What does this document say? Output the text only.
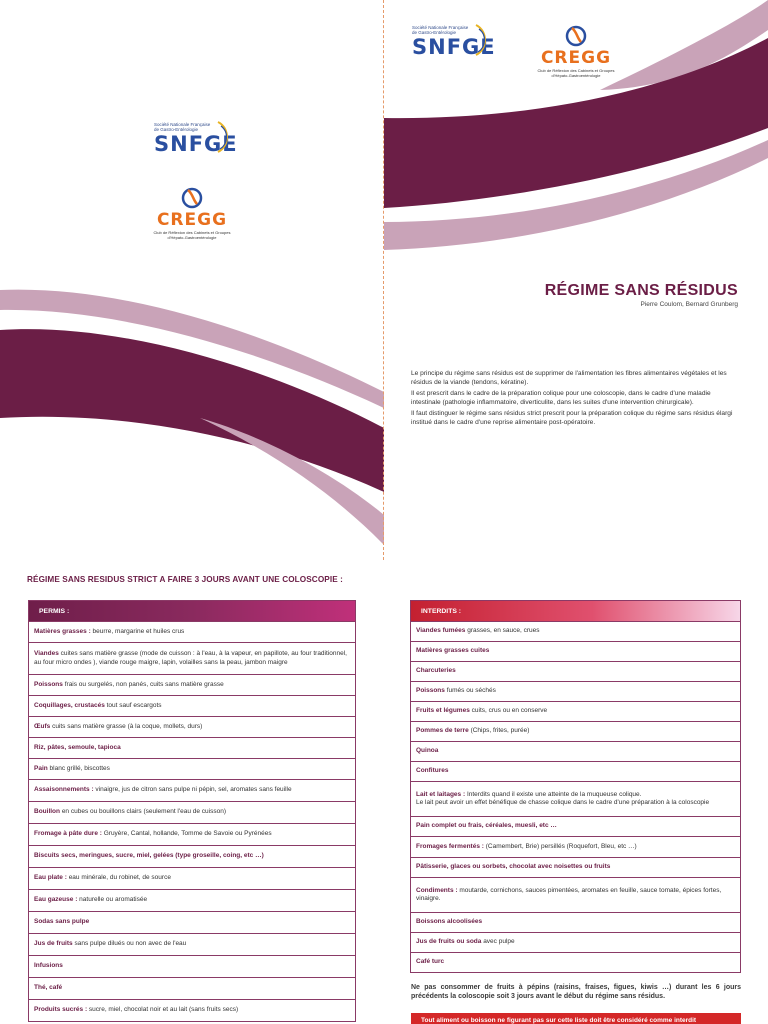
Société Nationale Française de Gastro-Entérologie
SNFGE
CREGG
Club de Réflexion des Cabinets et Groupes d'Hépato-Gastroentérologie
Société Nationale Française de Gastro-Entérologie
SNFGE	CREGG
Club de Réflexion des Cabinets et Groupes d'Hépato-Gastroentérologie
RÉGIME SANS RÉSIDUS
Pierre Coulom, Bernard Grunberg

Le principe du régime sans résidus est de supprimer de l'alimentation les fibres alimentaires végétales et les résidus de la viande (tendons, kératine).

Il est prescrit dans le cadre de la préparation colique pour une coloscopie, dans le cadre d'une maladie intestinale (pathologie inflammatoire, diverticulite, dans les suites d'une intervention chirurgicale).

Il faut distinguer le régime sans résidus strict prescrit pour la préparation colique du régime sans résidus élargi institué dans le cadre d'une reprise alimentaire post-opératoire.

RÉGIME SANS RESIDUS STRICT A FAIRE 3 JOURS AVANT UNE COLOSCOPIE :
PERMIS :
Matières grasses : beurre, margarine et huiles crus
Viandes cuites sans matière grasse (mode de cuisson : à l'eau, à la vapeur, en papillote, au four traditionnel, au four micro ondes ), viande rouge maigre, lapin, volailles sans la peau, jambon maigre
Poissons frais ou surgelés, non panés, cuits sans matière grasse
Coquillages, crustacés tout sauf escargots
Œufs cuits sans matière grasse (à la coque, mollets, durs)
Riz, pâtes, semoule, tapioca
Pain blanc grillé, biscottes
Assaisonnements : vinaigre, jus de citron sans pulpe ni pépin, sel, aromates sans feuille
Bouillon en cubes ou bouillons clairs (seulement l'eau de cuisson)
Fromage à pâte dure : Gruyère, Cantal, hollande, Tomme de Savoie ou Pyrénées
Biscuits secs, meringues, sucre, miel, gelées (type groseille, coing, etc …)
Eau plate : eau minérale, du robinet, de source
Eau gazeuse : naturelle ou aromatisée
Sodas sans pulpe
Jus de fruits sans pulpe dilués ou non avec de l'eau
Infusions
Thé, café
Produits sucrés : sucre, miel, chocolat noir et au lait (sans fruits secs)
INTERDITS :
Viandes fumées grasses, en sauce, crues
Matières grasses cuites
Charcuteries
Poissons fumés ou séchés
Fruits et légumes cuits, crus ou en conserve
Pommes de terre (Chips, frites, purée)
Quinoa
Confitures
Lait et laitages : Interdits quand il existe une atteinte de la muqueuse colique.
Le lait peut avoir un effet bénéfique de chasse colique dans le cadre d'une préparation à la coloscopie
Pain complet ou frais, céréales, muesli, etc …
Fromages fermentés : (Camembert, Brie) persillés (Roquefort, Bleu, etc …)
Pâtisserie, glaces ou sorbets, chocolat avec noisettes ou fruits
Condiments : moutarde, cornichons, sauces pimentées, aromates en feuille, sauce tomate, épices fortes, vinaigre.
Boissons alcoolisées
Jus de fruits ou soda avec pulpe
Café turc
Ne pas consommer de fruits à pépins (raisins, fraises, figues, kiwis …) durant les 6 jours précédents la coloscopie soit 3 jours avant le début du régime sans résidus.
Tout aliment ou boisson ne figurant pas sur cette liste doit être considéré comme interdit
